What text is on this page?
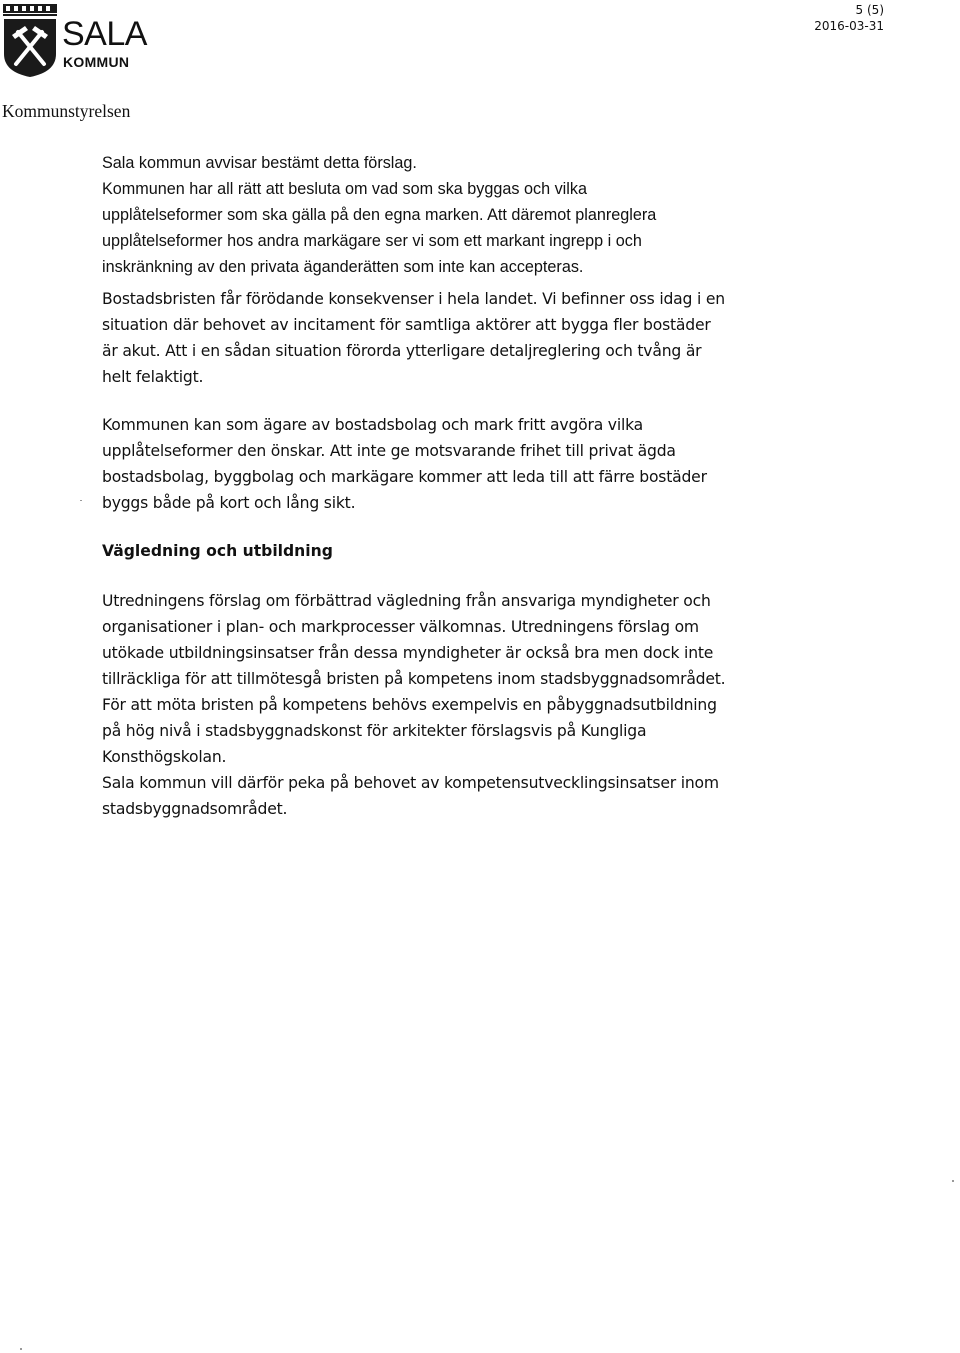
SALA
KOMMUN
5 (5)
2016-03-31
Kommunstyrelsen

Sala kommun avvisar bestämt detta förslag.
Kommunen har all rätt att besluta om vad som ska byggas och vilka
upplåtelseformer som ska gälla på den egna marken. Att däremot planreglera
upplåtelseformer hos andra markägare ser vi som ett markant ingrepp i och
inskränkning av den privata äganderätten som inte kan accepteras.

Bostadsbristen får förödande konsekvenser i hela landet. Vi befinner oss idag i en
situation där behovet av incitament för samtliga aktörer att bygga fler bostäder
är akut. Att i en sådan situation förorda ytterligare detaljreglering och tvång är
helt felaktigt.

Kommunen kan som ägare av bostadsbolag och mark fritt avgöra vilka
upplåtelseformer den önskar. Att inte ge motsvarande frihet till privat ägda
bostadsbolag, byggbolag och markägare kommer att leda till att färre bostäder
byggs både på kort och lång sikt.

Vägledning och utbildning

Utredningens förslag om förbättrad vägledning från ansvariga myndigheter och
organisationer i plan- och markprocesser välkomnas. Utredningens förslag om
utökade utbildningsinsatser från dessa myndigheter är också bra men dock inte
tillräckliga för att tillmötesgå bristen på kompetens inom stadsbyggnadsområdet.
För att möta bristen på kompetens behövs exempelvis en påbyggnadsutbildning
på hög nivå i stadsbyggnadskonst för arkitekter förslagsvis på Kungliga
Konsthögskolan.
Sala kommun vill därför peka på behovet av kompetensutvecklingsinsatser inom
stadsbyggnadsområdet.
